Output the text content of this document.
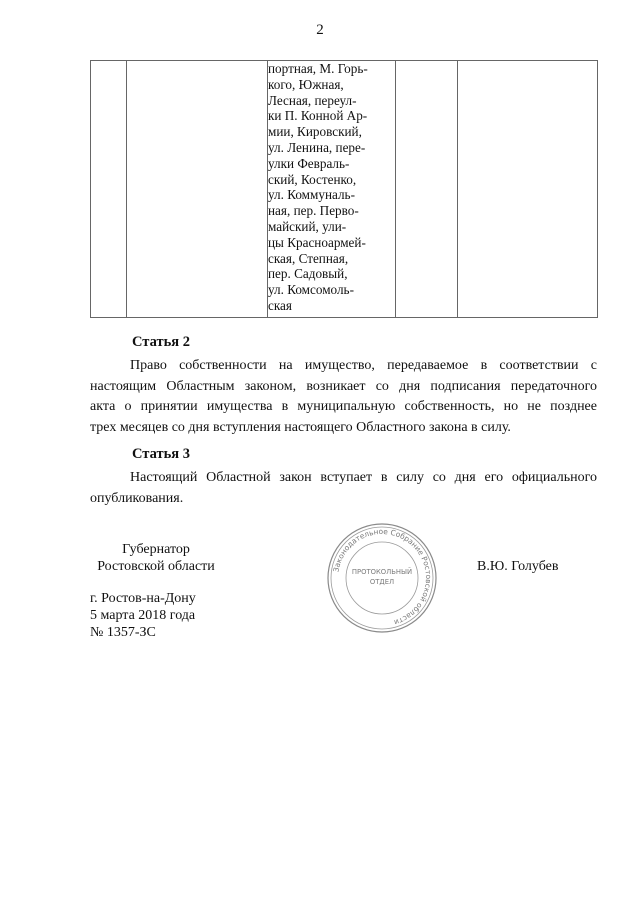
2

портная, М. Горь-
кого, Южная,
Лесная, переул-
ки П. Конной Ар-
мии, Кировский,
ул. Ленина, пере-
улки Февраль-
ский, Костенко,
ул. Коммуналь-
ная, пер. Перво-
майский, ули-
цы Красноармей-
ская, Степная,
пер. Садовый,
ул. Комсомоль-
ская

Статья 2
Право собственности на имущество, передаваемое в соответствии с
настоящим Областным законом, возникает со дня подписания передаточного
акта о принятии имущества в муниципальную собственность, но не позднее
трех месяцев со дня вступления настоящего Областного закона в силу.
Статья 3
Настоящий Областной закон вступает в силу со дня его официального
опубликования.
Губернатор
Ростовской области	Законодательное Собрание Ростовской области
ПРОТОКОЛЬНЫЙ
ОТДЕЛ
В.Ю. Голубев
г. Ростов-на-Дону
5 марта 2018 года
№ 1357-ЗС
